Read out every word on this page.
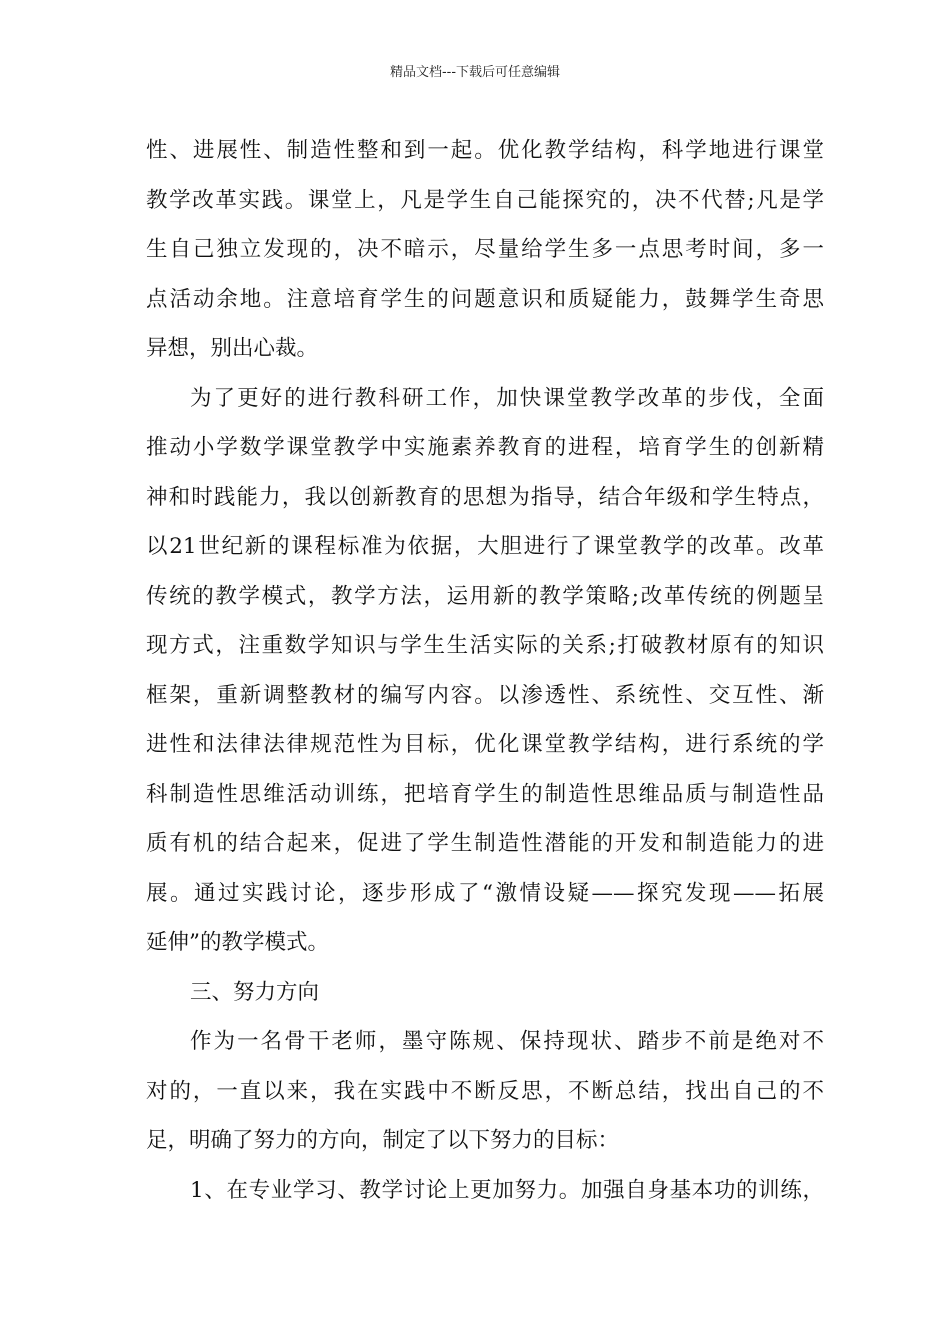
精品文档---下载后可任意编辑
性、进展性、制造性整和到一起。优化教学结构，科学地进行课堂
教学改革实践。课堂上，凡是学生自己能探究的，决不代替;凡是学
生自己独立发现的，决不暗示，尽量给学生多一点思考时间，多一
点活动余地。注意培育学生的问题意识和质疑能力，鼓舞学生奇思
异想，别出心裁。
为了更好的进行教科研工作，加快课堂教学改革的步伐，全面
推动小学数学课堂教学中实施素养教育的进程，培育学生的创新精
神和时践能力，我以创新教育的思想为指导，结合年级和学生特点，
以21世纪新的课程标准为依据，大胆进行了课堂教学的改革。改革
传统的教学模式，教学方法，运用新的教学策略;改革传统的例题呈
现方式，注重数学知识与学生生活实际的关系;打破教材原有的知识
框架，重新调整教材的编写内容。以渗透性、系统性、交互性、渐
进性和法律法律规范性为目标，优化课堂教学结构，进行系统的学
科制造性思维活动训练，把培育学生的制造性思维品质与制造性品
质有机的结合起来，促进了学生制造性潜能的开发和制造能力的进
展。通过实践讨论，逐步形成了“激情设疑——探究发现——拓展
延伸”的教学模式。
三、努力方向
作为一名骨干老师，墨守陈规、保持现状、踏步不前是绝对不
对的，一直以来，我在实践中不断反思，不断总结，找出自己的不
足，明确了努力的方向，制定了以下努力的目标：
1、在专业学习、教学讨论上更加努力。加强自身基本功的训练，
